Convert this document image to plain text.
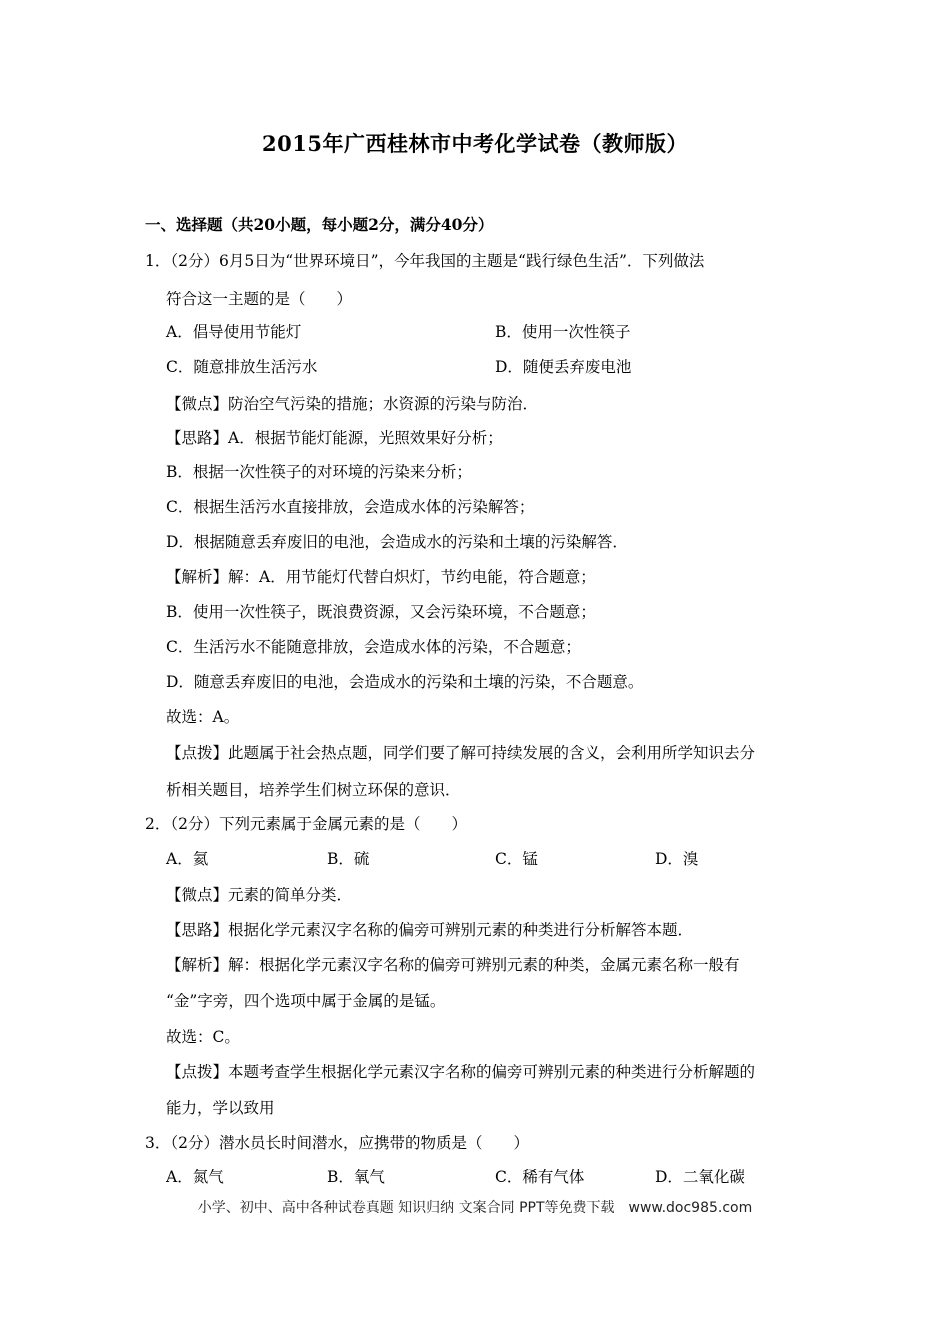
2015年广西桂林市中考化学试卷（教师版）
一、选择题（共20小题，每小题2分，满分40分）
1．（2分）6月5日为“世界环境日”，今年我国的主题是“践行绿色生活”．下列做法
符合这一主题的是（　　）
A．倡导使用节能灯	B．使用一次性筷子
C．随意排放生活污水	D．随便丢弃废电池
【微点】防治空气污染的措施；水资源的污染与防治．
【思路】A．根据节能灯能源，光照效果好分析；
B．根据一次性筷子的对环境的污染来分析；
C．根据生活污水直接排放，会造成水体的污染解答；
D．根据随意丢弃废旧的电池，会造成水的污染和土壤的污染解答．
【解析】解：A．用节能灯代替白炽灯，节约电能，符合题意；
B．使用一次性筷子，既浪费资源，又会污染环境，不合题意；
C．生活污水不能随意排放，会造成水体的污染，不合题意；
D．随意丢弃废旧的电池，会造成水的污染和土壤的污染，不合题意。
故选：A。
【点拨】此题属于社会热点题，同学们要了解可持续发展的含义，会利用所学知识去分
析相关题目，培养学生们树立环保的意识．
2．（2分）下列元素属于金属元素的是（　　）
A．氦	B．硫	C．锰	D．溴
【微点】元素的简单分类．
【思路】根据化学元素汉字名称的偏旁可辨别元素的种类进行分析解答本题．
【解析】解：根据化学元素汉字名称的偏旁可辨别元素的种类，金属元素名称一般有
“金”字旁，四个选项中属于金属的是锰。
故选：C。
【点拨】本题考查学生根据化学元素汉字名称的偏旁可辨别元素的种类进行分析解题的
能力，学以致用
3．（2分）潜水员长时间潜水，应携带的物质是（　　）
A．氮气	B．氧气	C．稀有气体	D．二氧化碳
小学、初中、高中各种试卷真题 知识归纳 文案合同 PPT等免费下载　www.doc985.com
